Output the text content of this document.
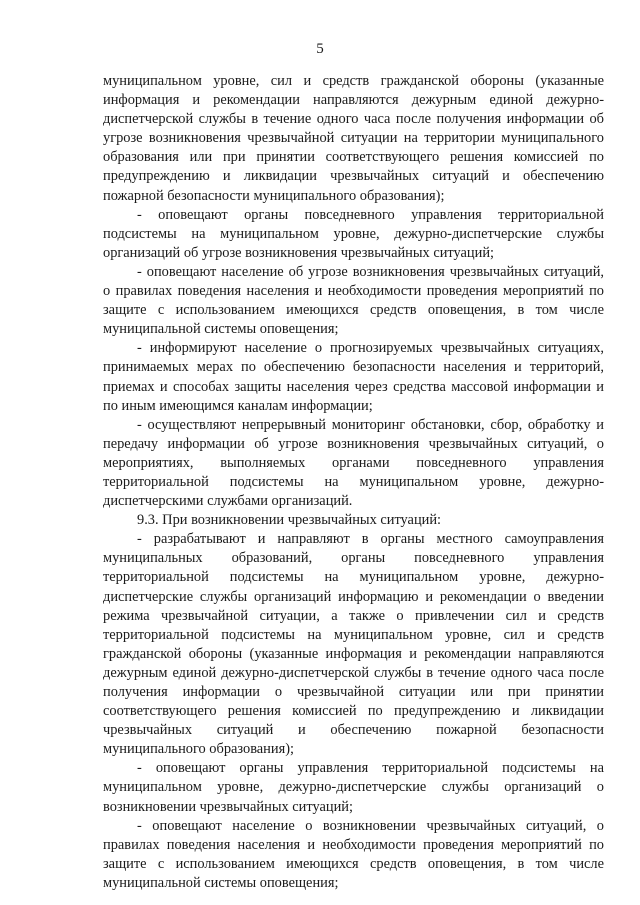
5

муниципальном уровне, сил и средств гражданской обороны (указанные информация и рекомендации направляются дежурным единой дежурно-диспетчерской службы в течение одного часа после получения информации об угрозе возникновения чрезвычайной ситуации на территории муниципального образования или при принятии соответствующего решения комиссией по предупреждению и ликвидации чрезвычайных ситуаций и обеспечению пожарной безопасности муниципального образования);

- оповещают органы повседневного управления территориальной подсистемы на муниципальном уровне, дежурно-диспетчерские службы организаций об угрозе возникновения чрезвычайных ситуаций;

- оповещают население об угрозе возникновения чрезвычайных ситуаций, о правилах поведения населения и необходимости проведения мероприятий по защите с использованием имеющихся средств оповещения, в том числе муниципальной системы оповещения;

- информируют население о прогнозируемых чрезвычайных ситуациях, принимаемых мерах по обеспечению безопасности населения и территорий, приемах и способах защиты населения через средства массовой информации и по иным имеющимся каналам информации;

- осуществляют непрерывный мониторинг обстановки, сбор, обработку и передачу информации об угрозе возникновения чрезвычайных ситуаций, о мероприятиях, выполняемых органами повседневного управления территориальной подсистемы на муниципальном уровне, дежурно-диспетчерскими службами организаций.

9.3. При возникновении чрезвычайных ситуаций:

- разрабатывают и направляют в органы местного самоуправления муниципальных образований, органы повседневного управления территориальной подсистемы на муниципальном уровне, дежурно-диспетчерские службы организаций информацию и рекомендации о введении режима чрезвычайной ситуации, а также о привлечении сил и средств территориальной подсистемы на муниципальном уровне, сил и средств гражданской обороны (указанные информация и рекомендации направляются дежурным единой дежурно-диспетчерской службы в течение одного часа после получения информации о чрезвычайной ситуации или при принятии соответствующего решения комиссией по предупреждению и ликвидации чрезвычайных ситуаций и обеспечению пожарной безопасности муниципального образования);

- оповещают органы управления территориальной подсистемы на муниципальном уровне, дежурно-диспетчерские службы организаций о возникновении чрезвычайных ситуаций;

- оповещают население о возникновении чрезвычайных ситуаций, о правилах поведения населения и необходимости проведения мероприятий по защите с использованием имеющихся средств оповещения, в том числе муниципальной системы оповещения;
